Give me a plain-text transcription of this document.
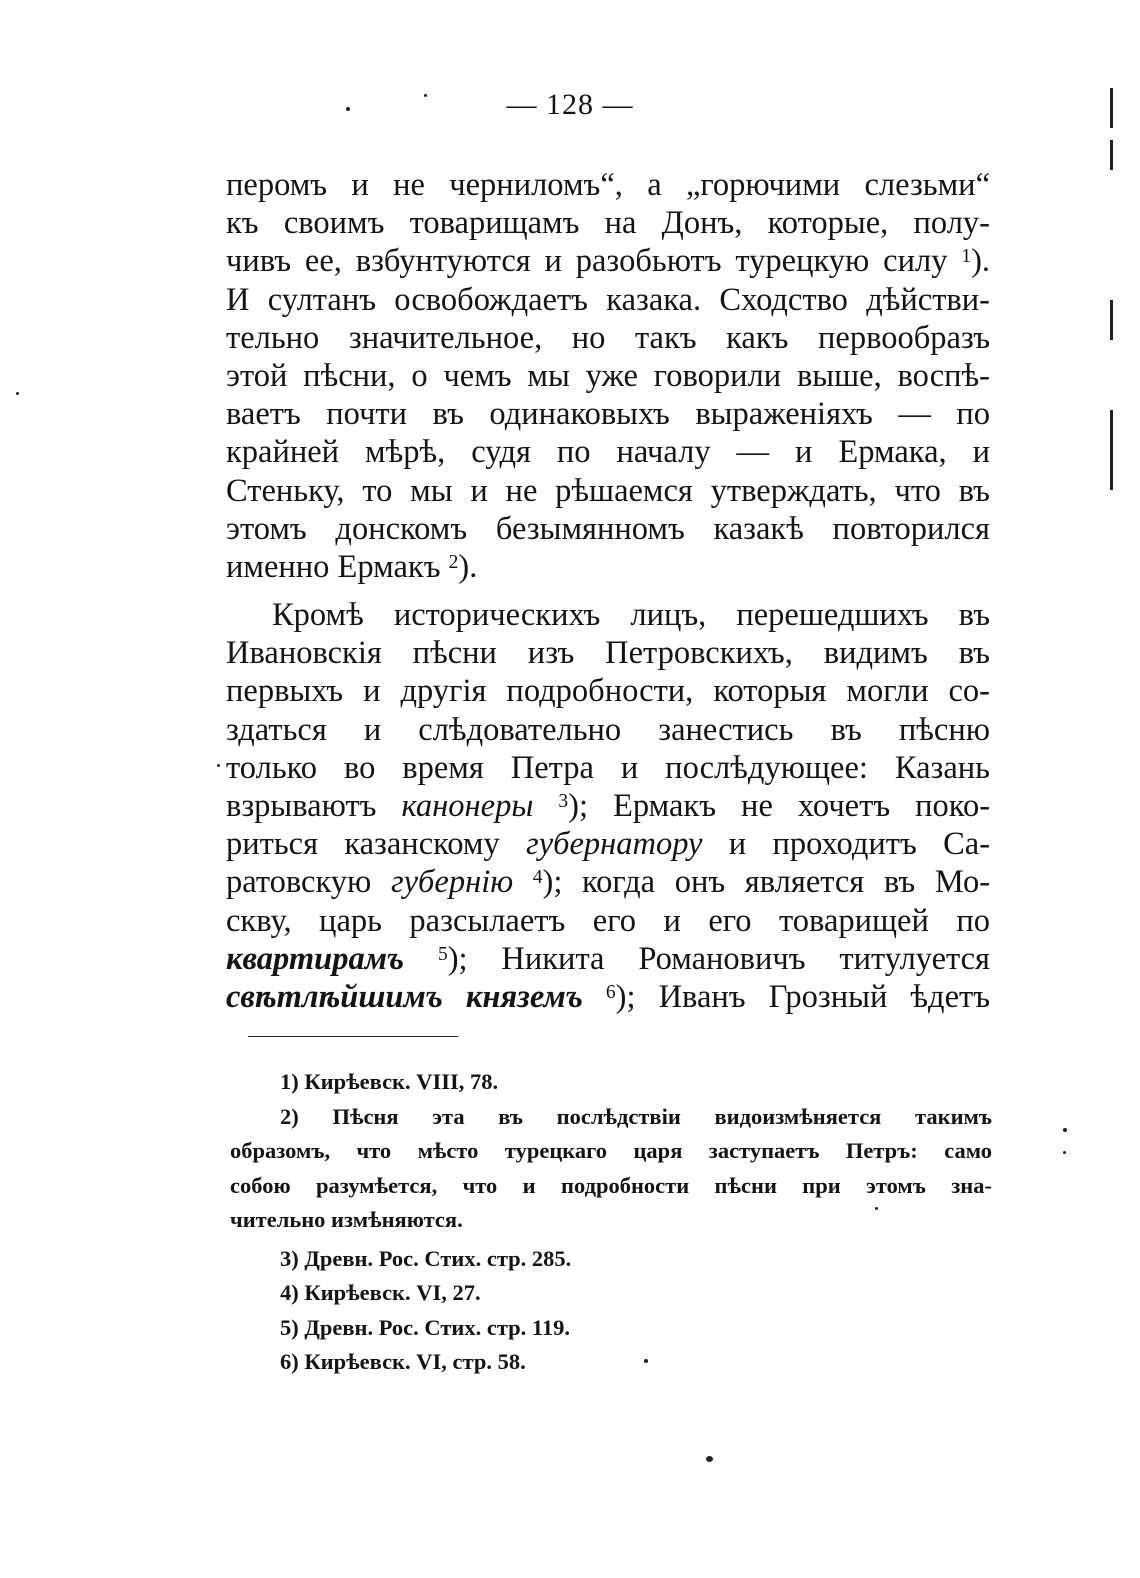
— 128 —
перомъ и не черниломъ“, а „горючими слезьми“
къ своимъ товарищамъ на Донъ, которые, полу-
чивъ ее, взбунтуются и разобьютъ турецкую силу $^1$).
И султанъ освобождаетъ казака. Сходство дѣйстви-
тельно значительное, но такъ какъ первообразъ
этой пѣсни, о чемъ мы уже говорили выше, воспѣ-
ваетъ почти въ одинаковыхъ выраженіяхъ — по
крайней мѣрѣ, судя по началу — и Ермака, и
Стеньку, то мы и не рѣшаемся утверждать, что въ
этомъ донскомъ безымянномъ казакѣ повторился
именно Ермакъ $^2$).
Кромѣ историческихъ лицъ, перешедшихъ въ
Ивановскія пѣсни изъ Петровскихъ, видимъ въ
первыхъ и другія подробности, которыя могли со-
здаться и слѣдовательно занестись въ пѣсню
только во время Петра и послѣдующее: Казань
взрываютъ канонеры $^3$); Ермакъ не хочетъ поко-
риться казанскому губернатору и проходитъ Са-
ратовскую губернію $^4$); когда онъ является въ Мо-
скву, царь разсылаетъ его и его товарищей по
квартирамъ $^5$); Никита Романовичъ титулуется
свѣтлѣйшимъ княземъ $^6$); Иванъ Грозный ѣдетъ
1) Кирѣевск. VIII, 78.
2) Пѣсня эта въ послѣдствіи видоизмѣняется такимъ
образомъ, что мѣсто турецкаго царя заступаетъ Петръ: само
собою разумѣется, что и подробности пѣсни при этомъ зна-
чительно измѣняются.
3) Древн. Рос. Стих. стр. 285.
4) Кирѣевск. VI, 27.
5) Древн. Рос. Стих. стр. 119.
6) Кирѣевск. VI, стр. 58.
